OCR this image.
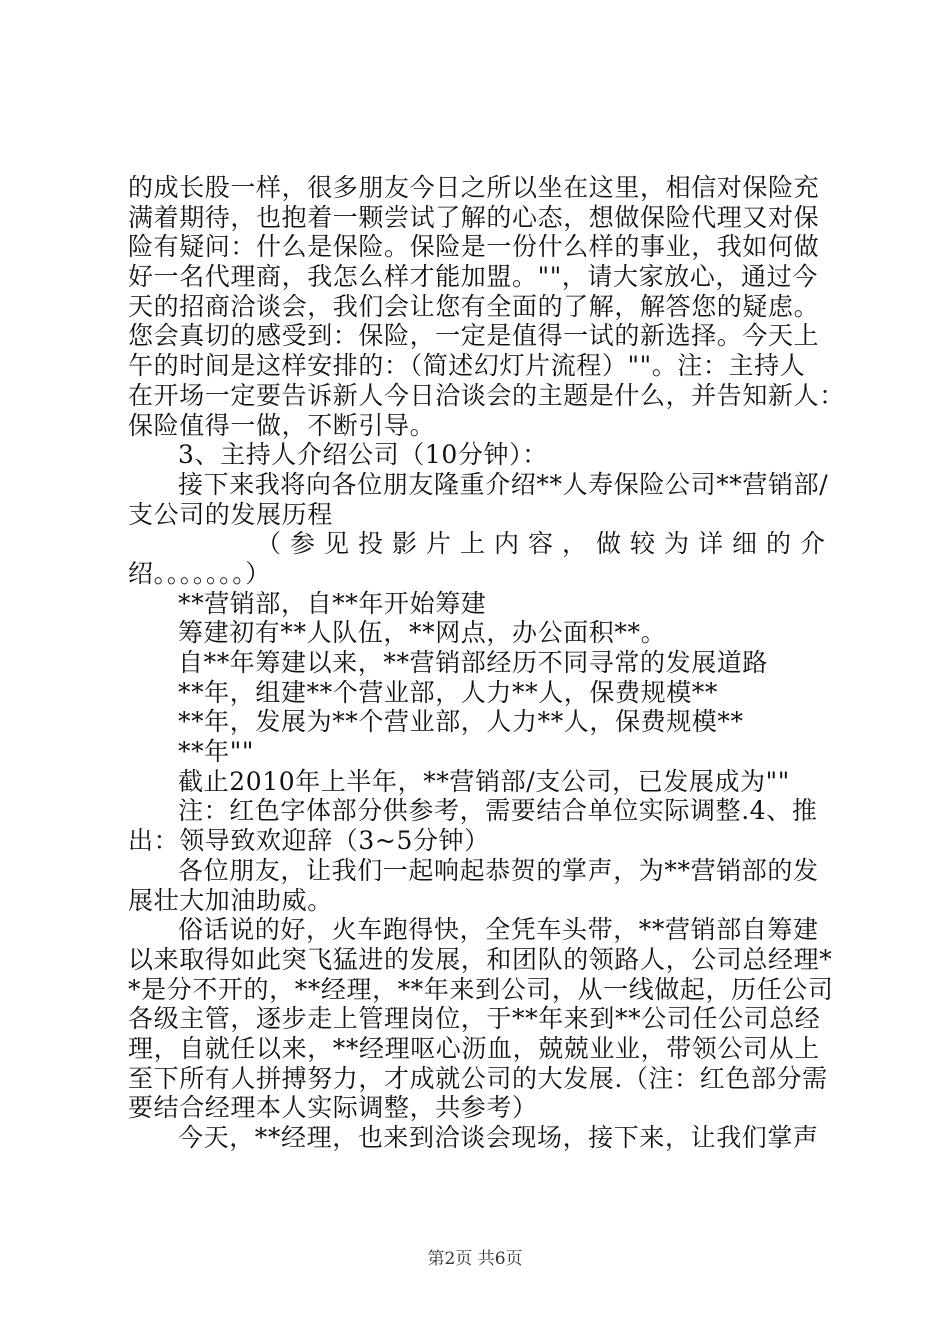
的成长股一样，很多朋友今日之所以坐在这里，相信对保险充
满着期待，也抱着一颗尝试了解的心态，想做保险代理又对保
险有疑问：什么是保险。保险是一份什么样的事业，我如何做
好一名代理商，我怎么样才能加盟。""，请大家放心，通过今
天的招商洽谈会，我们会让您有全面的了解，解答您的疑虑。
您会真切的感受到：保险，一定是值得一试的新选择。今天上
午的时间是这样安排的：（简述幻灯片流程）""。注：主持人
在开场一定要告诉新人今日洽谈会的主题是什么，并告知新人：
保险值得一做，不断引导。
3、主持人介绍公司（10分钟）：
接下来我将向各位朋友隆重介绍**人寿保险公司**营销部/
支公司的发展历程
（参见投影片上内容，做较为详细的介
绍。。。。。。。）
**营销部，自**年开始筹建
筹建初有**人队伍，**网点，办公面积**。
自**年筹建以来，**营销部经历不同寻常的发展道路
**年，组建**个营业部，人力**人，保费规模**
**年，发展为**个营业部，人力**人，保费规模**
**年""
截止2010年上半年，**营销部/支公司，已发展成为""
注：红色字体部分供参考，需要结合单位实际调整.4、推
出：领导致欢迎辞（3~5分钟）
各位朋友，让我们一起响起恭贺的掌声，为**营销部的发
展壮大加油助威。
俗话说的好，火车跑得快，全凭车头带，**营销部自筹建
以来取得如此突飞猛进的发展，和团队的领路人，公司总经理*
*是分不开的，**经理，**年来到公司，从一线做起，历任公司
各级主管，逐步走上管理岗位，于**年来到**公司任公司总经
理，自就任以来，**经理呕心沥血，兢兢业业，带领公司从上
至下所有人拼搏努力，才成就公司的大发展.（注：红色部分需
要结合经理本人实际调整，共参考）
今天，**经理，也来到洽谈会现场，接下来，让我们掌声
第2页 共6页
